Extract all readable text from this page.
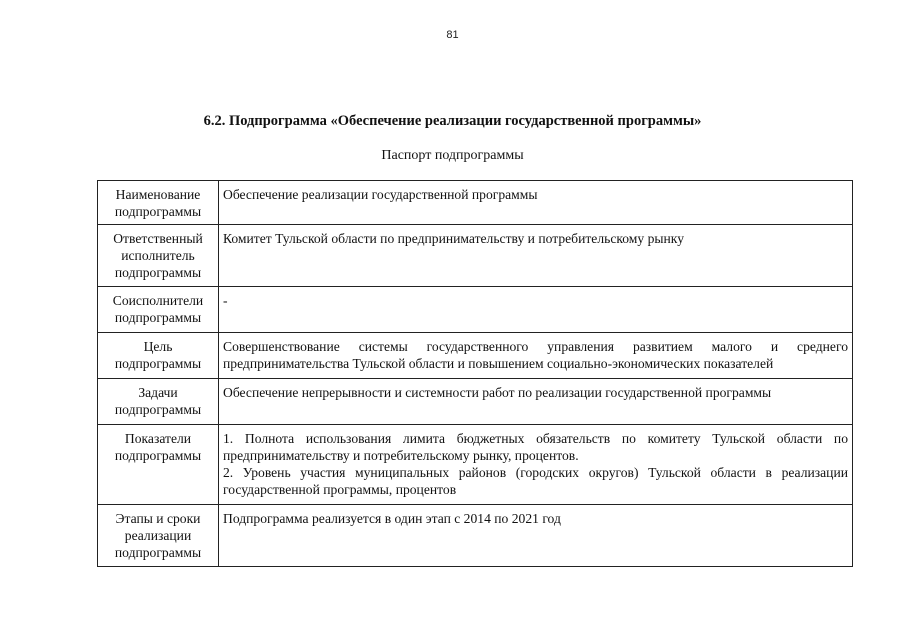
81
6.2. Подпрограмма «Обеспечение реализации государственной программы»
Паспорт подпрограммы
Наименование подпрограммы	Обеспечение реализации государственной программы
Ответственный исполнитель подпрограммы	Комитет Тульской области по предпринимательству и потребительскому рынку
Соисполнители подпрограммы	-
Цель подпрограммы	Совершенствование системы государственного управления развитием малого и среднего предпринимательства Тульской области и повышением социально-экономических показателей
Задачи подпрограммы	Обеспечение непрерывности и системности работ по реализации государственной программы
Показатели подпрограммы	1. Полнота использования лимита бюджетных обязательств по комитету Тульской области по предпринимательству и потребительскому рынку, процентов.
2. Уровень участия муниципальных районов (городских округов) Тульской области в реализации государственной программы, процентов

Этапы и сроки реализации подпрограммы	Подпрограмма реализуется в один этап с 2014 по 2021 год
